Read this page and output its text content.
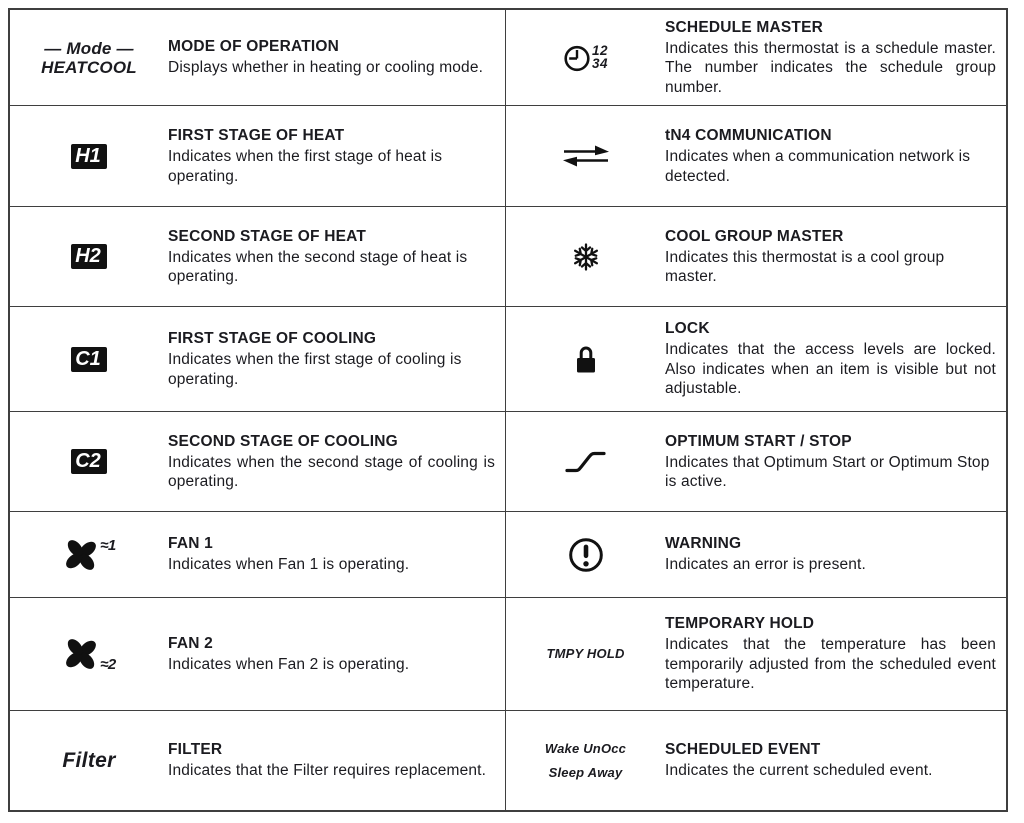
— Mode —
HEATCOOL
MODE OF OPERATION
Displays whether in heating or cooling mode.
12
34
SCHEDULE MASTER
Indicates this thermostat is a schedule master. The number indicates the schedule group number.
H1
FIRST STAGE OF HEAT
Indicates when the first stage of heat is operating.
tN4 COMMUNICATION
Indicates when a communication network is detected.
H2
SECOND STAGE OF HEAT
Indicates when the second stage of heat is operating.
COOL GROUP MASTER
Indicates this thermostat is a cool group master.
C1
FIRST STAGE OF COOLING
Indicates when the first stage of cooling is operating.
LOCK
Indicates that the access levels are locked. Also indicates when an item is visible but not adjustable.
C2
SECOND STAGE OF COOLING
Indicates when the second stage of cooling is operating.
OPTIMUM START / STOP
Indicates that Optimum Start or Optimum Stop is active.
≈1	FAN 1
Indicates when Fan 1 is operating.
WARNING
Indicates an error is present.
≈2
FAN 2
Indicates when Fan 2 is operating.
TMPY HOLD
TEMPORARY HOLD
Indicates that the temperature has been temporarily adjusted from the scheduled event temperature.
Filter	FILTER
Indicates that the Filter requires replacement.
Wake UnOcc
Sleep Away
SCHEDULED EVENT
Indicates the current scheduled event.
